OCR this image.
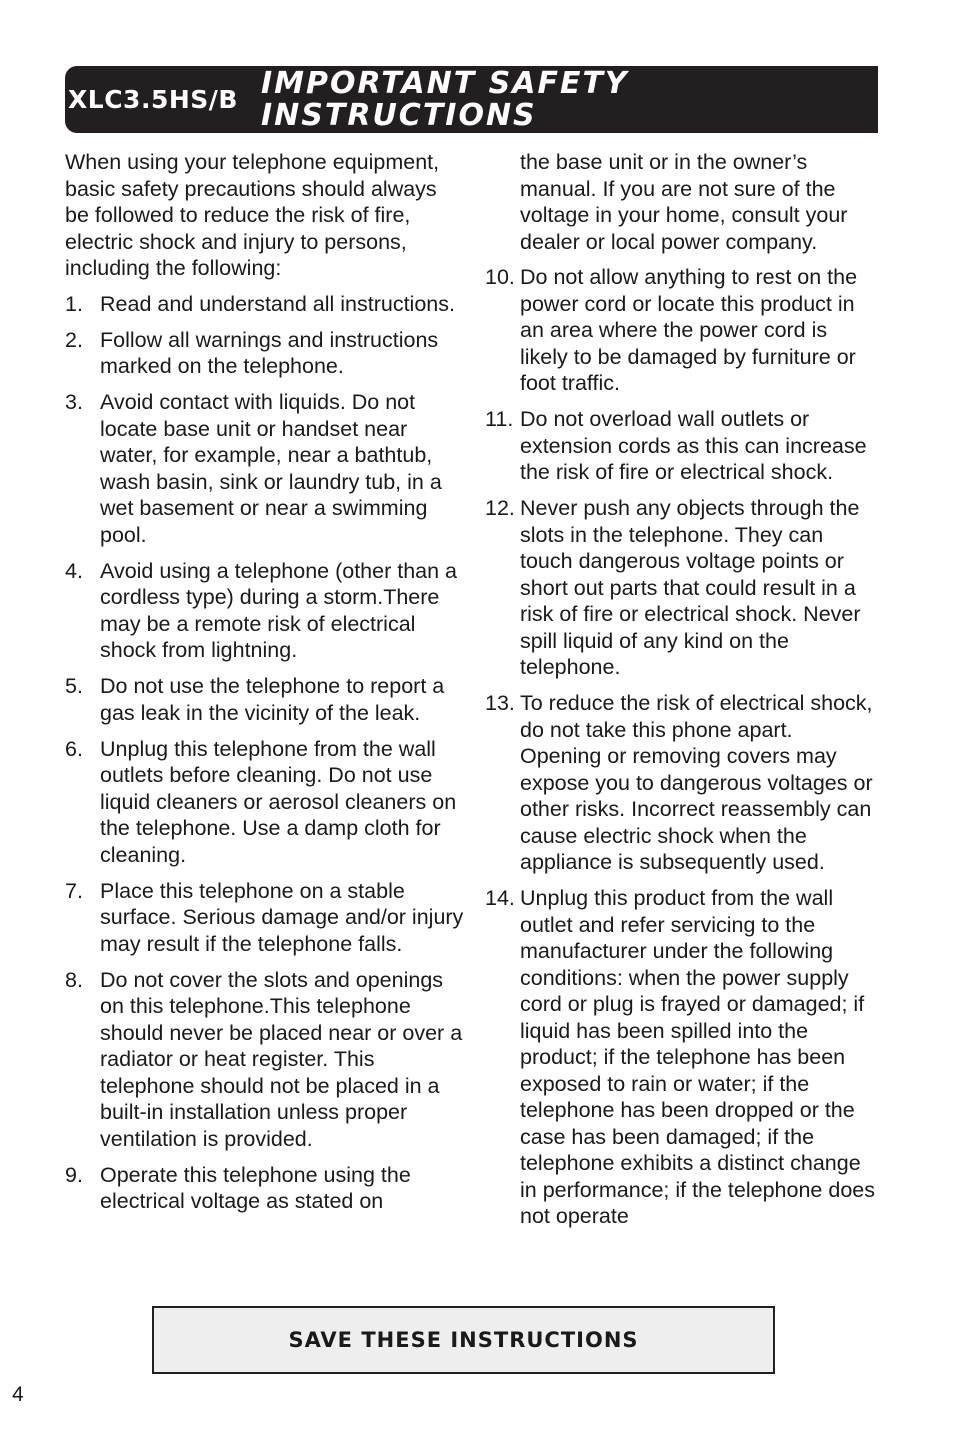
XLC3.5HS/B IMPORTANT SAFETY
INSTRUCTIONS

When using your telephone equipment, basic safety precautions should always be followed to reduce the risk of fire, electric shock and injury to persons, including the following:

1. Read and understand all instructions.
2. Follow all warnings and instructions marked on the telephone.
3. Avoid contact with liquids. Do not locate base unit or handset near water, for example, near a bathtub, wash basin, sink or laundry tub, in a wet basement or near a swimming pool.
4. Avoid using a telephone (other than a cordless type) during a storm.There may be a remote risk of electrical shock from lightning.
5. Do not use the telephone to report a gas leak in the vicinity of the leak.
6. Unplug this telephone from the wall outlets before cleaning. Do not use liquid cleaners or aerosol cleaners on the telephone. Use a damp cloth for cleaning.
7. Place this telephone on a stable surface. Serious damage and/or injury may result if the telephone falls.
8. Do not cover the slots and openings on this telephone.This telephone should never be placed near or over a radiator or heat register. This telephone should not be placed in a built-in installation unless proper ventilation is provided.
9. Operate this telephone using the electrical voltage as stated on

the base unit or in the owner’s manual. If you are not sure of the voltage in your home, consult your dealer or local power company.

10. Do not allow anything to rest on the power cord or locate this product in an area where the power cord is likely to be damaged by furniture or foot traffic.
11. Do not overload wall outlets or extension cords as this can increase the risk of fire or electrical shock.
12. Never push any objects through the slots in the telephone. They can touch dangerous voltage points or short out parts that could result in a risk of fire or electrical shock. Never spill liquid of any kind on the telephone.
13. To reduce the risk of electrical shock, do not take this phone apart. Opening or removing covers may expose you to dangerous voltages or other risks. Incorrect reassembly can cause electric shock when the appliance is subsequently used.
14. Unplug this product from the wall outlet and refer servicing to the manufacturer under the following conditions: when the power supply cord or plug is frayed or damaged; if liquid has been spilled into the product; if the telephone has been exposed to rain or water; if the telephone has been dropped or the case has been damaged; if the telephone exhibits a distinct change in performance; if the telephone does not operate
SAVE THESE INSTRUCTIONS
4
